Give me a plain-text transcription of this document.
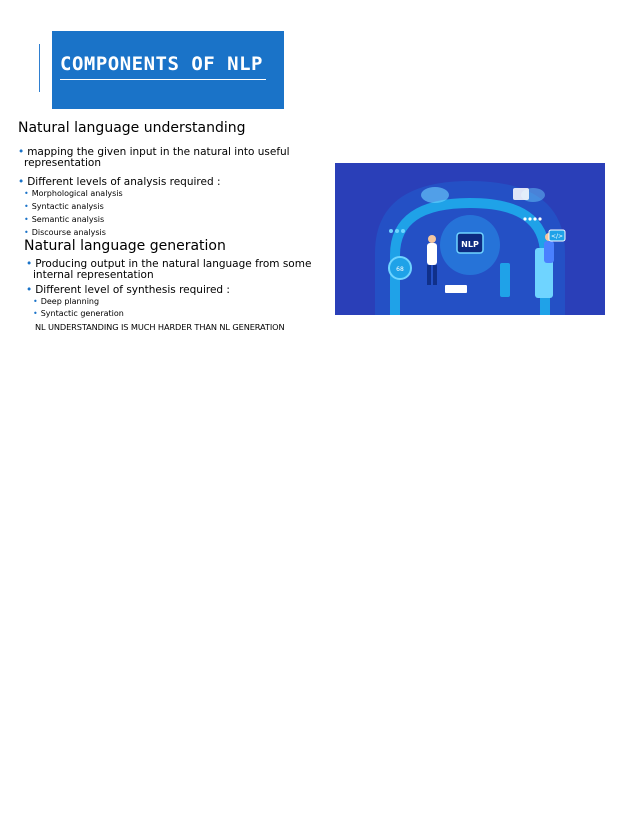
COMPONENTS OF NLP
Natural language understanding
• mapping the given input in the natural into useful
representation
• Different levels of analysis required :
• Morphological analysis
• Syntactic analysis
• Semantic analysis
• Discourse analysis
Natural language generation
• Producing output in the natural language from some
internal representation
• Different level of synthesis required :
• Deep planning
• Syntactic generation
NL UNDERSTANDING IS MUCH HARDER THAN NL GENERATION
NLP
68
</>
